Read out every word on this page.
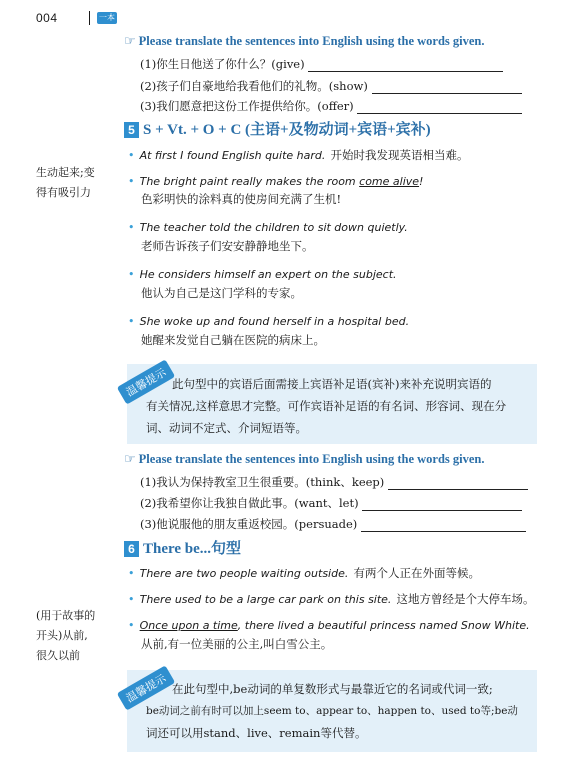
004	一本
☞ Please translate the sentences into English using the words given.
(1)你生日他送了你什么？(give)
(2)孩子们自豪地给我看他们的礼物。(show)
(3)我们愿意把这份工作提供给你。(offer)
5 S + Vt. + O + C (主语+及物动词+宾语+宾补)
• At first I found English quite hard. 开始时我发现英语相当难。
生动起来;变
得有吸引力
• The bright paint really makes the room come alive!
色彩明快的涂料真的使房间充满了生机!
• The teacher told the children to sit down quietly.
老师告诉孩子们安安静静地坐下。
• He considers himself an expert on the subject.
他认为自己是这门学科的专家。
• She woke up and found herself in a hospital bed.
她醒来发觉自己躺在医院的病床上。
温馨提示 此句型中的宾语后面需接上宾语补足语(宾补)来补充说明宾语的
有关情况,这样意思才完整。可作宾语补足语的有名词、形容词、现在分
词、动词不定式、介词短语等。
☞ Please translate the sentences into English using the words given.
(1)我认为保持教室卫生很重要。(think、keep)
(2)我希望你让我独自做此事。(want、let)
(3)他说服他的朋友重返校园。(persuade)
6 There be...句型
• There are two people waiting outside. 有两个人正在外面等候。
• There used to be a large car park on this site. 这地方曾经是个大停车场。
(用于故事的
开头)从前,
很久以前
• Once upon a time, there lived a beautiful princess named Snow White.
从前,有一位美丽的公主,叫白雪公主。
温馨提示 在此句型中,be动词的单复数形式与最靠近它的名词或代词一致;
be动词之前有时可以加上seem to、appear to、happen to、used to等;be动
词还可以用stand、live、remain等代替。
